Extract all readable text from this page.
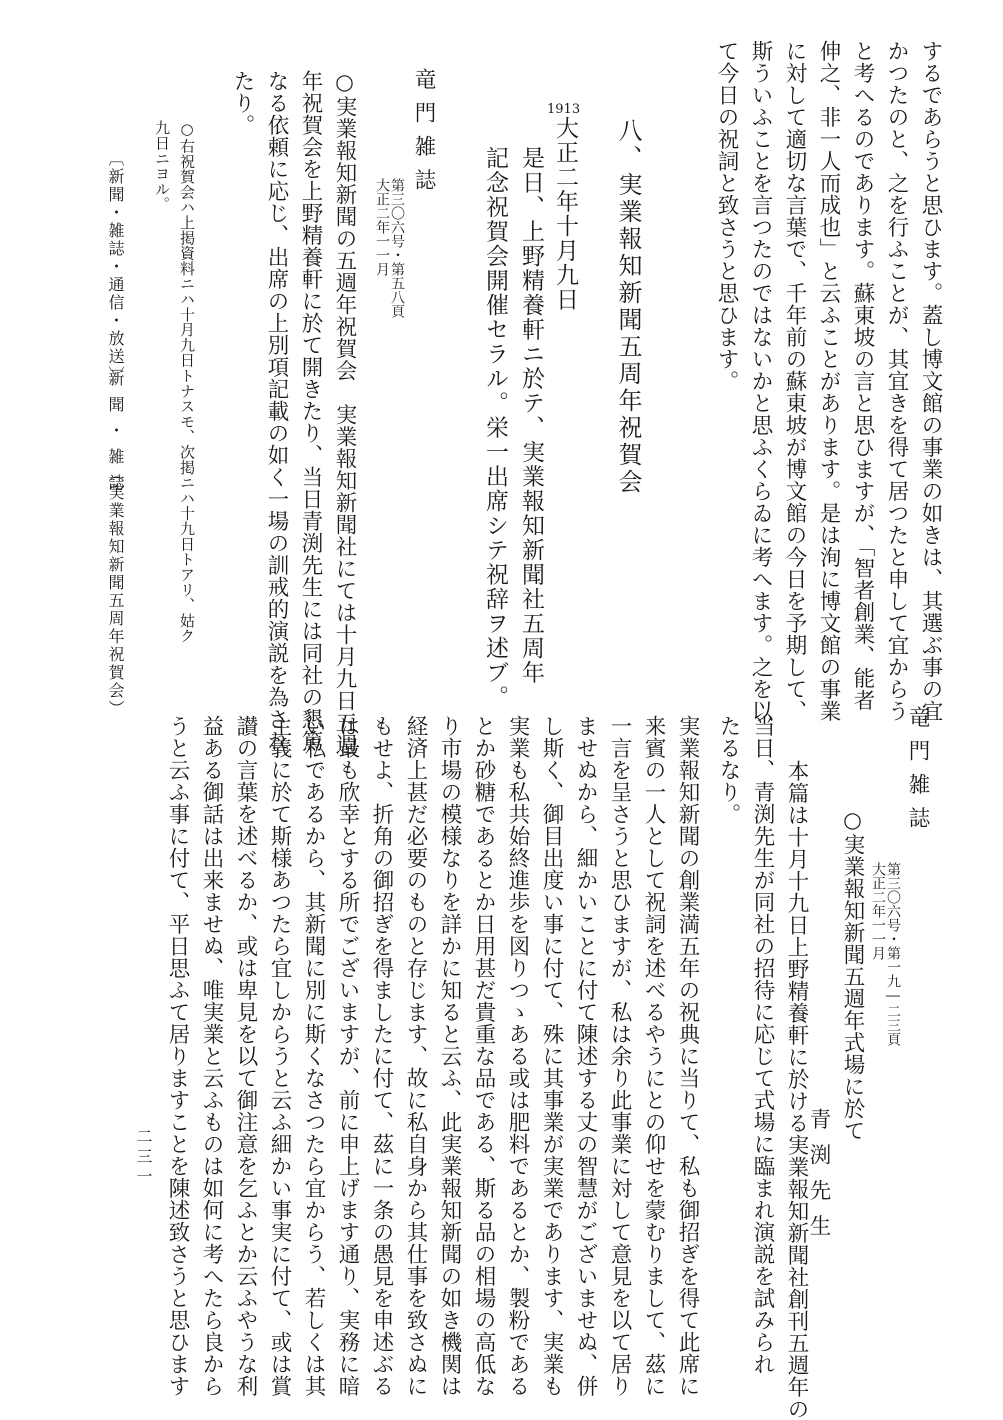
するであらうと思ひます。蓋し博文館の事業の如きは、其選ぶ事の宜
かつたのと、之を行ふことが、其宜きを得て居つたと申して宜からう
と考へるのであります。蘇東坡の言と思ひますが、「智者創業、能者
伸之、非一人而成也」と云ふことがあります。是は洵に博文館の事業
に対して適切な言葉で、千年前の蘇東坡が博文館の今日を予期して、
斯ういふことを言つたのではないかと思ふくらゐに考へます。之を以
て今日の祝詞と致さうと思ひます。
八、実業報知新聞五周年祝賀会
1913
大正二年十月九日
是日、上野精養軒ニ於テ、実業報知新聞社五周年
記念祝賀会開催セラル。栄一出席シテ祝辞ヲ述ブ。
竜門雑誌
第三〇六号・第五八頁
大正二年一一月
○実業報知新聞の五週年祝賀会　実業報知新聞社にては十月九日五週
年祝賀会を上野精養軒に於て開きたり、当日青渕先生には同社の懇篤
なる依頼に応じ、出席の上別項記載の如く一場の訓戒的演説を為され
たり。
○右祝賀会ハ上掲資料ニハ十月九日トナスモ、次掲ニハ十九日トアリ、姑ク
九日ニヨル。
〔新聞・雑誌・通信・放送〕
新聞・雑誌
（実業報知新聞五周年祝賀会）
竜門雑誌
第三〇六号・第一九―二三頁
大正二年一一月
○実業報知新聞五週年式場に於て
青渕先生
本篇は十月十九日上野精養軒に於ける実業報知新聞社創刊五週年の
当日、青渕先生が同社の招待に応じて式場に臨まれ演説を試みられ
たるなり。
実業報知新聞の創業満五年の祝典に当りて、私も御招ぎを得て此席に
来賓の一人として祝詞を述べるやうにとの仰せを蒙むりまして、茲に
一言を呈さうと思ひますが、私は余り此事業に対して意見を以て居り
ませぬから、細かいことに付て陳述する丈の智慧がございませぬ、併
し斯く、御目出度い事に付て、殊に其事業が実業であります、実業も
実業も私共始終進歩を図りつゝある或は肥料であるとか、製粉である
とか砂糖であるとか日用甚だ貴重な品である、斯る品の相場の高低な
り市場の模様なりを詳かに知ると云ふ、此実業報知新聞の如き機関は
経済上甚だ必要のものと存じます、故に私自身から其仕事を致さぬに
もせよ、折角の御招ぎを得ましたに付て、茲に一条の愚見を申述ぶる
は最も欣幸とする所でございますが、前に申上げます通り、実務に暗
い私であるから、其新聞に別に斯くなさつたら宜からう、若しくは其
主義に於て斯様あつたら宜しからうと云ふ細かい事実に付て、或は賞
讃の言葉を述べるか、或は卑見を以て御注意を乞ふとか云ふやうな利
益ある御話は出来ませぬ、唯実業と云ふものは如何に考へたら良から
うと云ふ事に付て、平日思ふて居りますことを陳述致さうと思ひます
二三一
